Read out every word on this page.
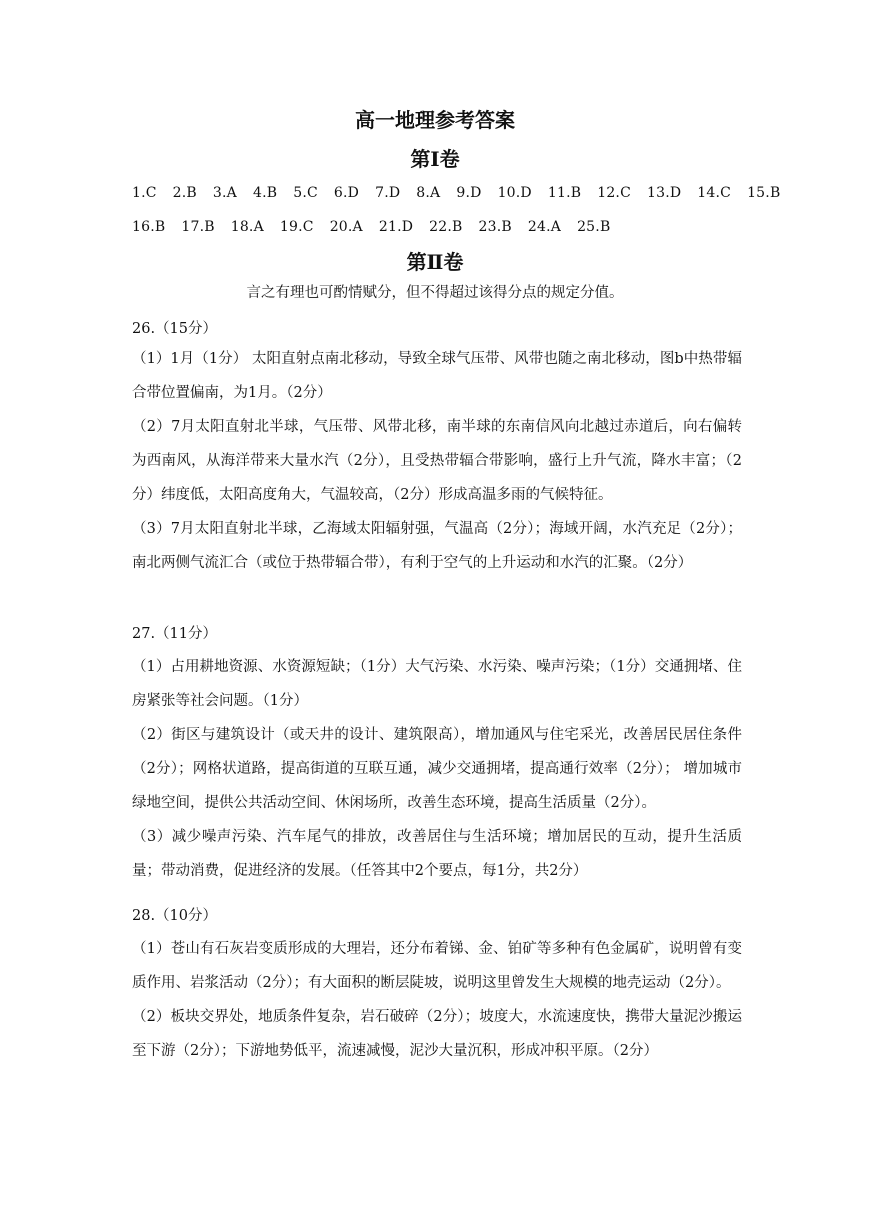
高一地理参考答案
第Ⅰ卷
1.C 2.B 3.A 4.B 5.C 6.D 7.D 8.A 9.D 10.D 11.B 12.C 13.D 14.C 15.B
16.B 17.B 18.A 19.C 20.A 21.D 22.B 23.B 24.A 25.B
第Ⅱ卷
言之有理也可酌情赋分，但不得超过该得分点的规定分值。
26.（15分）

（1）1月（1分） 太阳直射点南北移动，导致全球气压带、风带也随之南北移动，图b中热带辐合带位置偏南，为1月。（2分）

（2）7月太阳直射北半球，气压带、风带北移，南半球的东南信风向北越过赤道后，向右偏转为西南风，从海洋带来大量水汽（2分），且受热带辐合带影响，盛行上升气流，降水丰富；（2分）纬度低，太阳高度角大，气温较高，（2分）形成高温多雨的气候特征。

（3）7月太阳直射北半球，乙海域太阳辐射强，气温高（2分）；海域开阔，水汽充足（2分）；南北两侧气流汇合（或位于热带辐合带），有利于空气的上升运动和水汽的汇聚。（2分）

27.（11分）

（1）占用耕地资源、水资源短缺；（1分）大气污染、水污染、噪声污染；（1分）交通拥堵、住房紧张等社会问题。（1分）

（2）街区与建筑设计（或天井的设计、建筑限高），增加通风与住宅采光，改善居民居住条件（2分）；网格状道路，提高街道的互联互通，减少交通拥堵，提高通行效率（2分）； 增加城市绿地空间，提供公共活动空间、休闲场所，改善生态环境，提高生活质量（2分）。

（3）减少噪声污染、汽车尾气的排放，改善居住与生活环境；增加居民的互动，提升生活质量；带动消费，促进经济的发展。（任答其中2个要点，每1分，共2分）

28.（10分）

（1）苍山有石灰岩变质形成的大理岩，还分布着锑、金、铂矿等多种有色金属矿，说明曾有变质作用、岩浆活动（2分）；有大面积的断层陡坡，说明这里曾发生大规模的地壳运动（2分）。

（2）板块交界处，地质条件复杂，岩石破碎（2分）；坡度大，水流速度快，携带大量泥沙搬运至下游（2分）；下游地势低平，流速减慢，泥沙大量沉积，形成冲积平原。（2分）
